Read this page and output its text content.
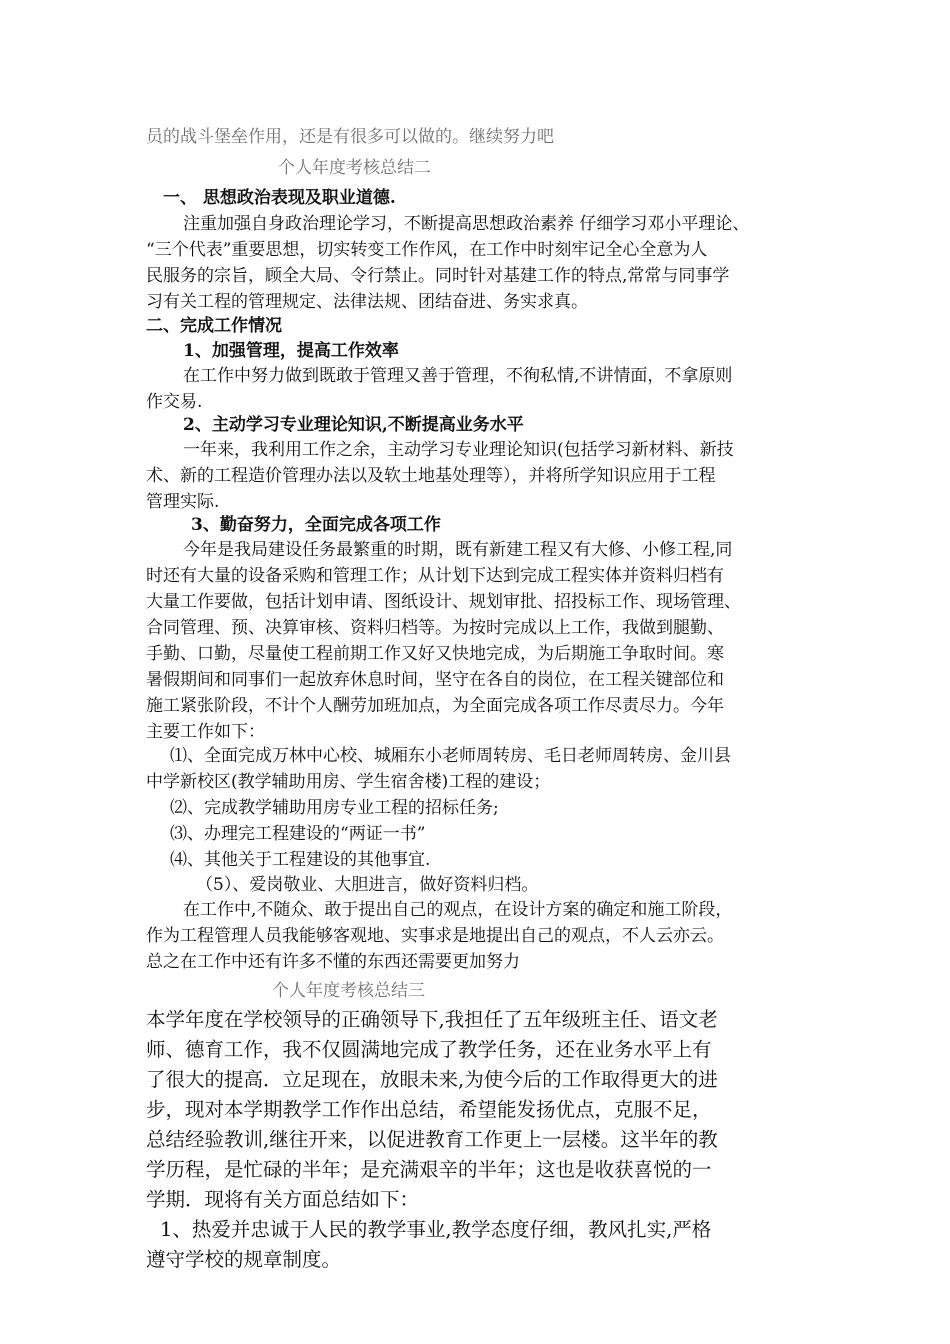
员的战斗堡垒作用，还是有很多可以做的。继续努力吧
个人年度考核总结二
一、 思想政治表现及职业道德.
注重加强自身政治理论学习，不断提高思想政治素养 仔细学习邓小平理论、
“三个代表”重要思想，切实转变工作作风，在工作中时刻牢记全心全意为人
民服务的宗旨，顾全大局、令行禁止。同时针对基建工作的特点,常常与同事学
习有关工程的管理规定、法律法规、团结奋进、务实求真。
二、完成工作情况
1、加强管理，提高工作效率
在工作中努力做到既敢于管理又善于管理，不徇私情,不讲情面，不拿原则
作交易.
2、主动学习专业理论知识,不断提高业务水平
一年来，我利用工作之余，主动学习专业理论知识(包括学习新材料、新技
术、新的工程造价管理办法以及软土地基处理等），并将所学知识应用于工程
管理实际.
3、勤奋努力，全面完成各项工作
今年是我局建设任务最繁重的时期，既有新建工程又有大修、小修工程,同
时还有大量的设备采购和管理工作；从计划下达到完成工程实体并资料归档有
大量工作要做，包括计划申请、图纸设计、规划审批、招投标工作、现场管理、
合同管理、预、决算审核、资料归档等。为按时完成以上工作，我做到腿勤、
手勤、口勤，尽量使工程前期工作又好又快地完成，为后期施工争取时间。寒
暑假期间和同事们一起放弃休息时间，坚守在各自的岗位，在工程关键部位和
施工紧张阶段，不计个人酬劳加班加点，为全面完成各项工作尽责尽力。今年
主要工作如下：
⑴、全面完成万林中心校、城厢东小老师周转房、毛日老师周转房、金川县
中学新校区(教学辅助用房、学生宿舍楼)工程的建设；
⑵、完成教学辅助用房专业工程的招标任务;
⑶、办理完工程建设的“两证一书”
⑷、其他关于工程建设的其他事宜.
（5）、爱岗敬业、大胆进言，做好资料归档。
在工作中,不随众、敢于提出自己的观点，在设计方案的确定和施工阶段，
作为工程管理人员我能够客观地、实事求是地提出自己的观点，不人云亦云。
总之在工作中还有许多不懂的东西还需要更加努力
个人年度考核总结三
本学年度在学校领导的正确领导下,我担任了五年级班主任、语文老
师、德育工作，我不仅圆满地完成了教学任务，还在业务水平上有
了很大的提高．立足现在，放眼未来,为使今后的工作取得更大的进
步，现对本学期教学工作作出总结，希望能发扬优点，克服不足，
总结经验教训,继往开来，以促进教育工作更上一层楼。这半年的教
学历程，是忙碌的半年；是充满艰辛的半年；这也是收获喜悦的一
学期．现将有关方面总结如下：
1、热爱并忠诚于人民的教学事业,教学态度仔细，教风扎实,严格
遵守学校的规章制度。
